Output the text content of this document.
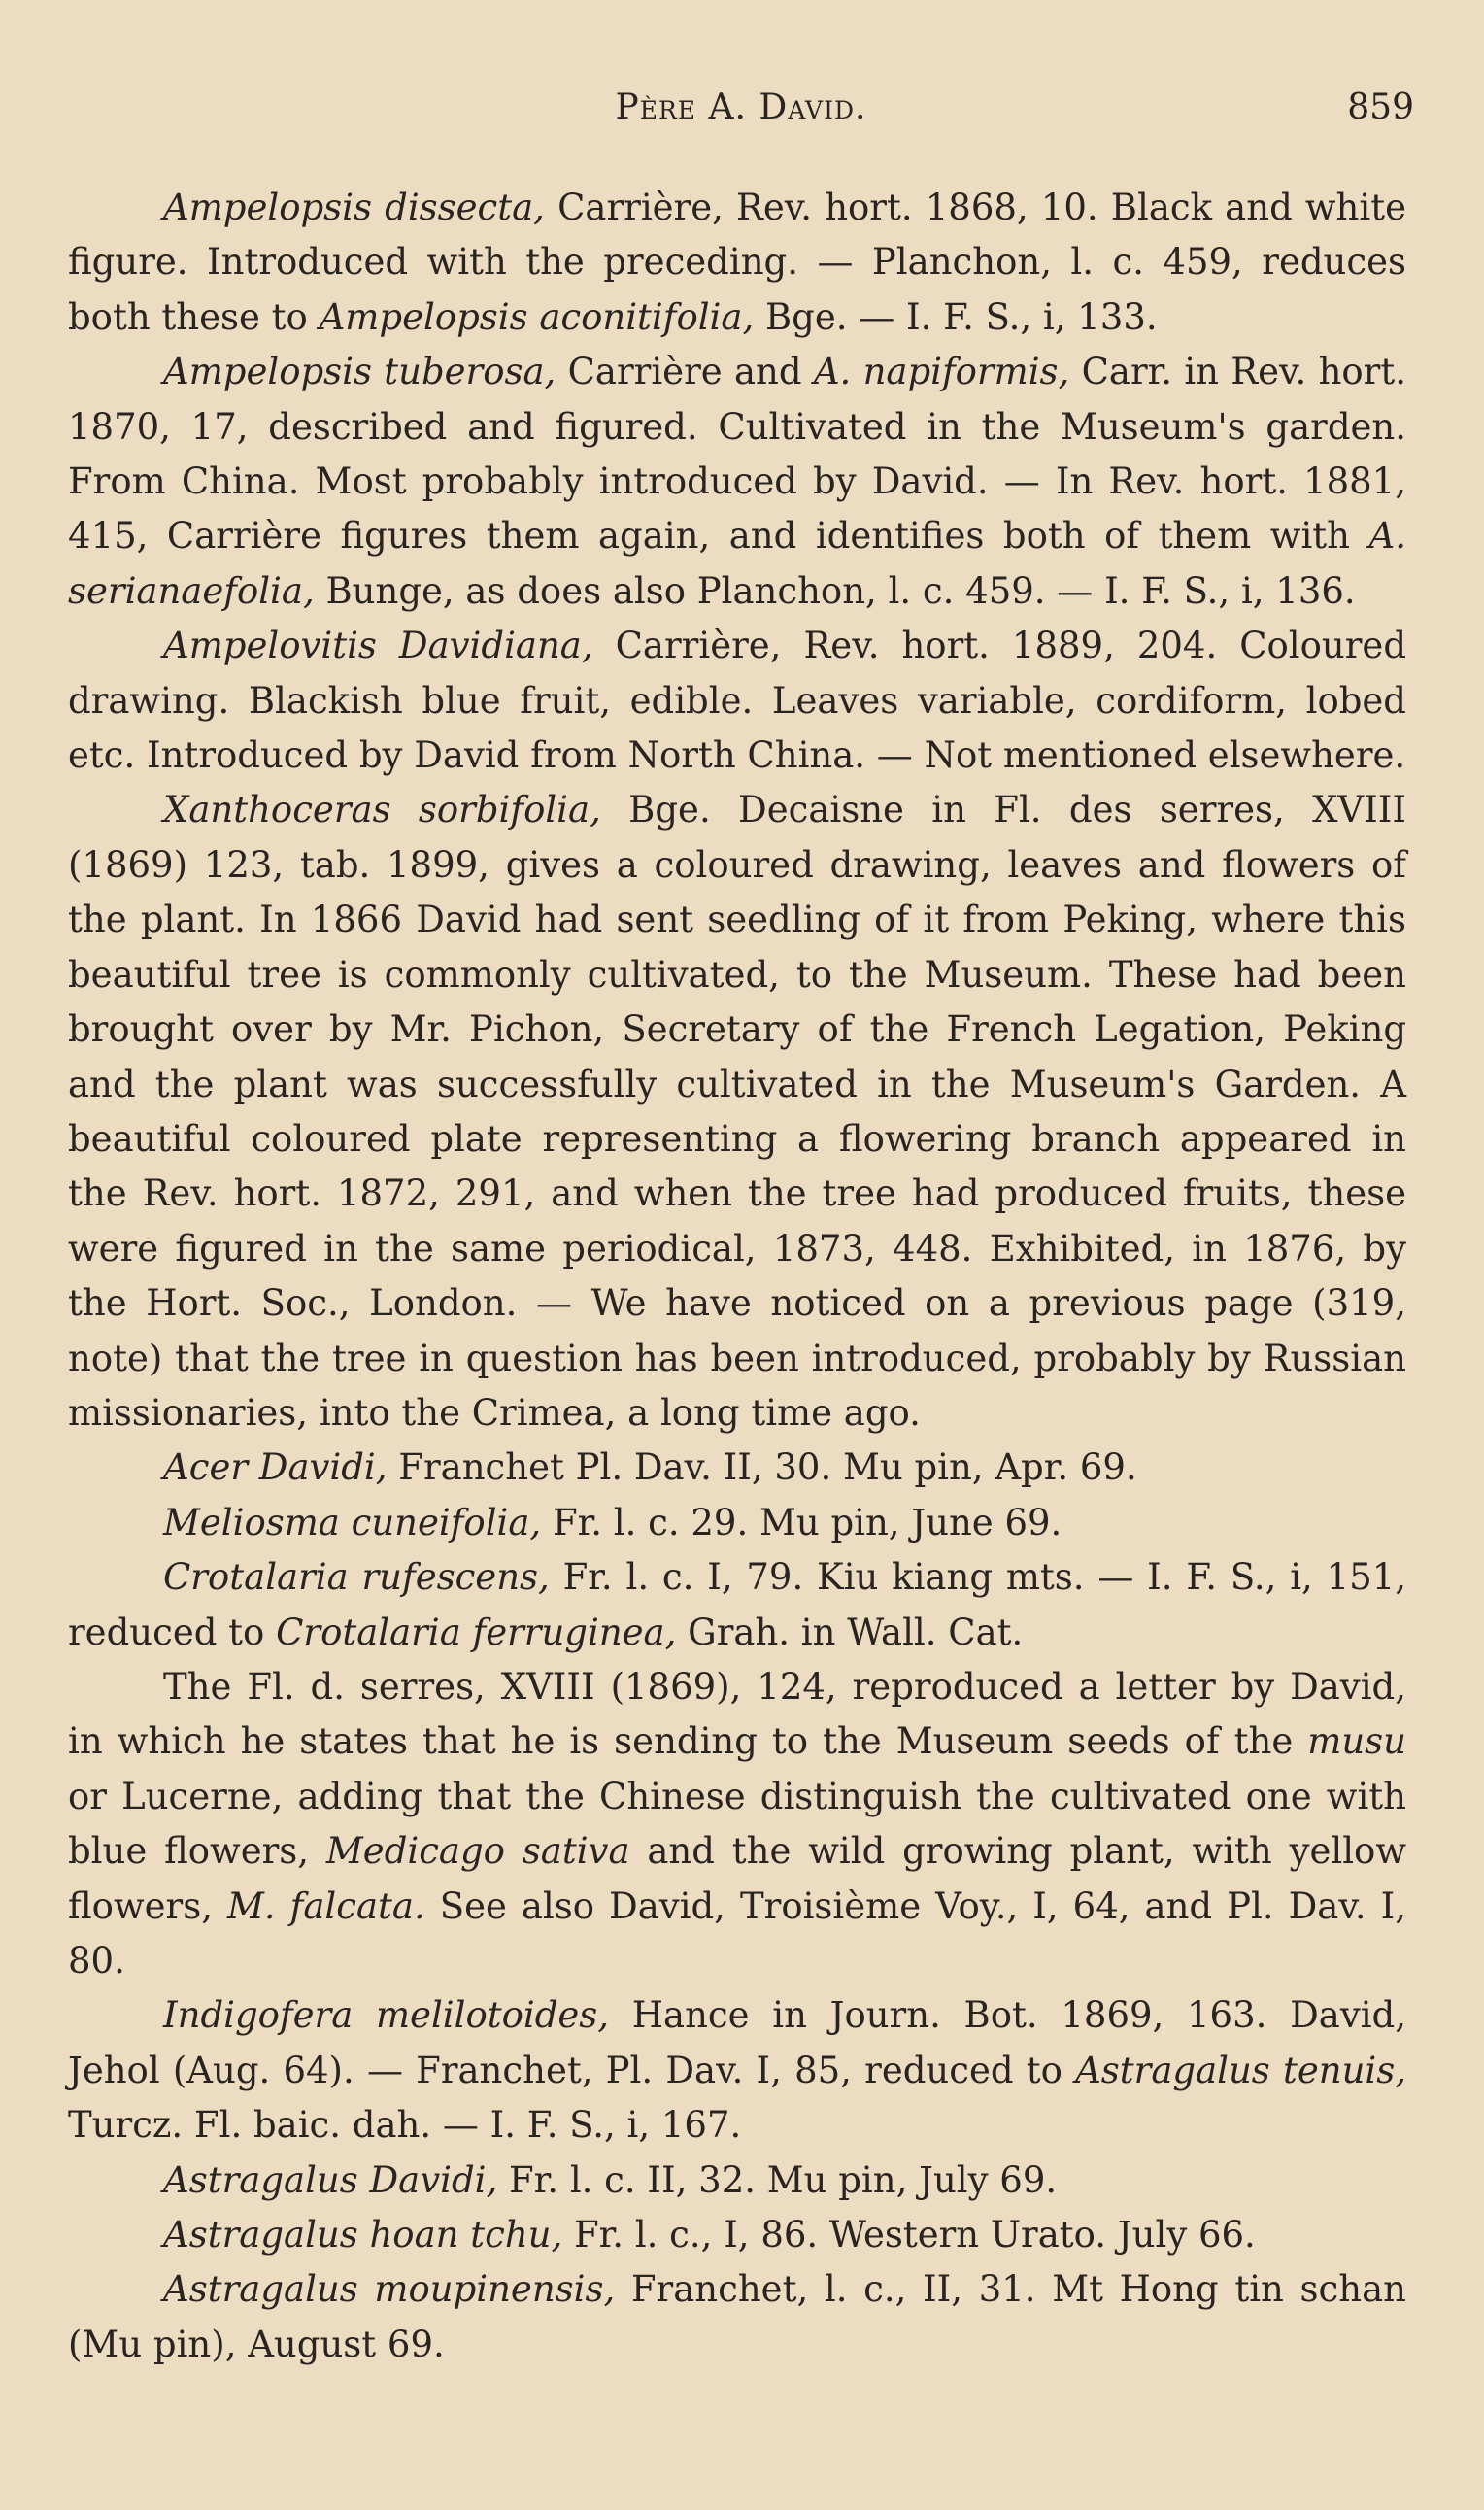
Père A. David.	859

Ampelopsis dissecta, Carrière, Rev. hort. 1868, 10. Black and white figure. Introduced with the preceding. — Planchon, l. c. 459, reduces both these to Ampelopsis aconitifolia, Bge. — I. F. S., i, 133.

Ampelopsis tuberosa, Carrière and A. napiformis, Carr. in Rev. hort. 1870, 17, described and figured. Cultivated in the Museum's garden. From China. Most probably introduced by David. — In Rev. hort. 1881, 415, Carrière figures them again, and identifies both of them with A. serianaefolia, Bunge, as does also Planchon, l. c. 459. — I. F. S., i, 136.

Ampelovitis Davidiana, Carrière, Rev. hort. 1889, 204. Coloured drawing. Blackish blue fruit, edible. Leaves variable, cordiform, lobed etc. Introduced by David from North China. — Not mentioned elsewhere.

Xanthoceras sorbifolia, Bge. Decaisne in Fl. des serres, XVIII (1869) 123, tab. 1899, gives a coloured drawing, leaves and flowers of the plant. In 1866 David had sent seedling of it from Peking, where this beautiful tree is commonly cultivated, to the Museum. These had been brought over by Mr. Pichon, Secretary of the French Legation, Peking and the plant was successfully cultivated in the Museum's Garden. A beautiful coloured plate representing a flowering branch appeared in the Rev. hort. 1872, 291, and when the tree had produced fruits, these were figured in the same periodical, 1873, 448. Exhibited, in 1876, by the Hort. Soc., London. — We have noticed on a previous page (319, note) that the tree in question has been introduced, probably by Russian missionaries, into the Crimea, a long time ago.

Acer Davidi, Franchet Pl. Dav. II, 30. Mu pin, Apr. 69.

Meliosma cuneifolia, Fr. l. c. 29. Mu pin, June 69.

Crotalaria rufescens, Fr. l. c. I, 79. Kiu kiang mts. — I. F. S., i, 151, reduced to Crotalaria ferruginea, Grah. in Wall. Cat.

The Fl. d. serres, XVIII (1869), 124, reproduced a letter by David, in which he states that he is sending to the Museum seeds of the musu or Lucerne, adding that the Chinese distinguish the cultivated one with blue flowers, Medicago sativa and the wild growing plant, with yellow flowers, M. falcata. See also David, Troisième Voy., I, 64, and Pl. Dav. I, 80.

Indigofera melilotoides, Hance in Journ. Bot. 1869, 163. David, Jehol (Aug. 64). — Franchet, Pl. Dav. I, 85, reduced to Astragalus tenuis, Turcz. Fl. baic. dah. — I. F. S., i, 167.

Astragalus Davidi, Fr. l. c. II, 32. Mu pin, July 69.

Astragalus hoan tchu, Fr. l. c., I, 86. Western Urato. July 66.

Astragalus moupinensis, Franchet, l. c., II, 31. Mt Hong tin schan (Mu pin), August 69.
